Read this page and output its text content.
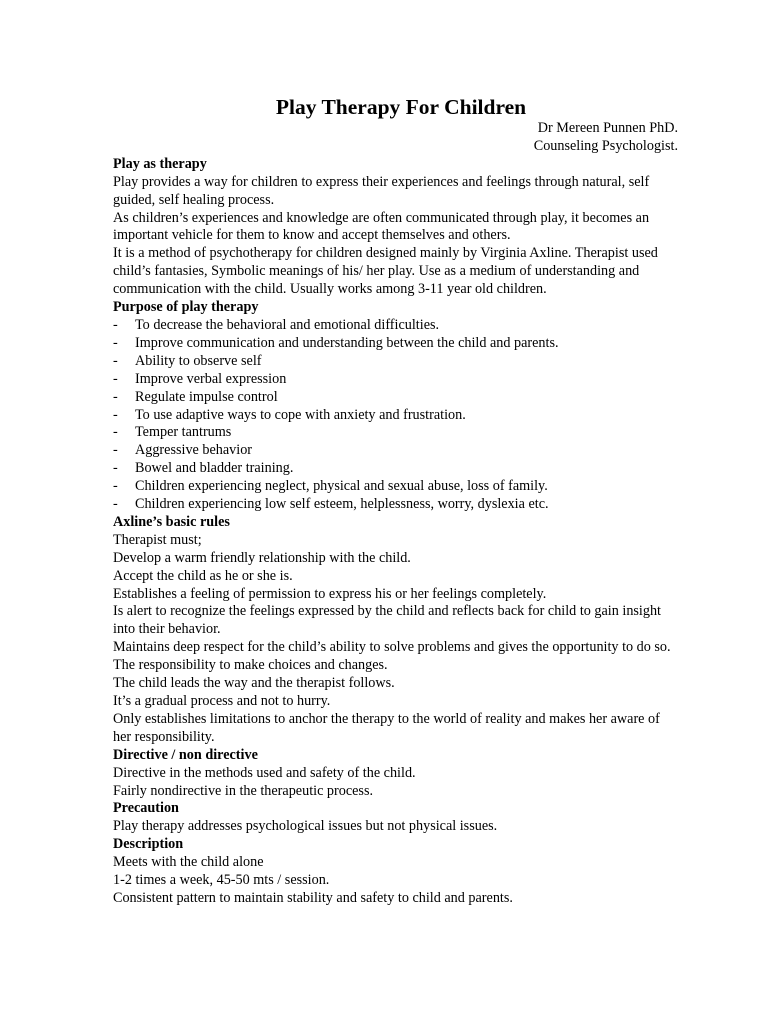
Play Therapy For Children

Dr Mereen Punnen PhD.

Counseling Psychologist.

Play as therapy

Play provides a way for children to express their experiences and feelings through natural, self guided, self healing process.

As children’s experiences and knowledge are often communicated through play, it becomes an important vehicle for them to know and accept themselves and others.

It is a method of psychotherapy for children designed mainly by Virginia Axline. Therapist used child’s fantasies, Symbolic meanings of his/ her play. Use as a medium of understanding and communication with the child. Usually works among 3-11 year old children.

Purpose of play therapy

- To decrease the behavioral and emotional difficulties.
- Improve communication and understanding between the child and parents.
- Ability to observe self
- Improve verbal expression
- Regulate impulse control
- To use adaptive ways to cope with anxiety and frustration.
- Temper tantrums
- Aggressive behavior
- Bowel and bladder training.
- Children experiencing neglect, physical and sexual abuse, loss of family.
- Children experiencing low self esteem, helplessness, worry, dyslexia etc.

Axline’s basic rules

Therapist must;

Develop a warm friendly relationship with the child.

Accept the child as he or she is.

Establishes a feeling of permission to express his or her feelings completely.

Is alert to recognize the feelings expressed by the child and reflects back for child to gain insight into their behavior.

Maintains deep respect for the child’s ability to solve problems and gives the opportunity to do so. The responsibility to make choices and changes.

The child leads the way and the therapist follows.

It’s a gradual process and not to hurry.

Only establishes limitations to anchor the therapy to the world of reality and makes her aware of her responsibility.

Directive / non directive

Directive in the methods used and safety of the child.

Fairly nondirective in the therapeutic process.

Precaution

Play therapy addresses psychological issues but not physical issues.

Description

Meets with the child alone

1-2 times a week, 45-50 mts / session.

Consistent pattern to maintain stability and safety to child and parents.
